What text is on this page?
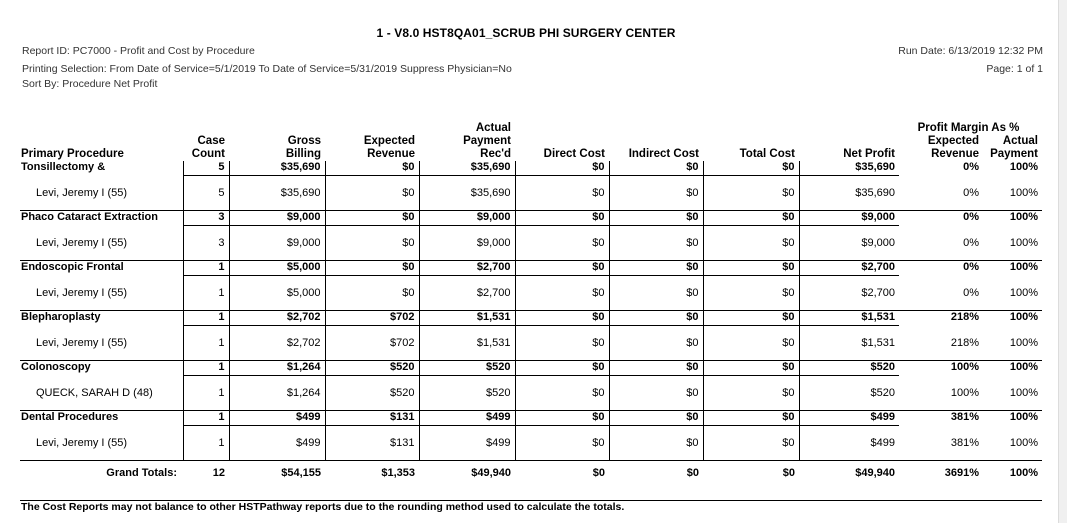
1 - V8.0 HST8QA01_SCRUB PHI SURGERY CENTER
Report ID: PC7000 - Profit and Cost by Procedure
Printing Selection: From Date of Service=5/1/2019 To Date of Service=5/31/2019 Suppress Physician=No
Sort By: Procedure Net Profit
Run Date: 6/13/2019 12:32 PM
Page: 1 of 1
				Actual					Profit Margin As %	
	Case	Gross	Expected	Payment					Expected	Actual
Primary Procedure	Count	Billing	Revenue	Rec'd	Direct Cost	Indirect Cost	Total Cost	Net Profit	Revenue	Payment
Tonsillectomy &	5	$35,690	$0	$35,690	$0	$0	$0	$35,690	0%	100%
Levi, Jeremy I (55)	5	$35,690	$0	$35,690	$0	$0	$0	$35,690	0%	100%
Phaco Cataract Extraction	3	$9,000	$0	$9,000	$0	$0	$0	$9,000	0%	100%
Levi, Jeremy I (55)	3	$9,000	$0	$9,000	$0	$0	$0	$9,000	0%	100%
Endoscopic Frontal	1	$5,000	$0	$2,700	$0	$0	$0	$2,700	0%	100%
Levi, Jeremy I (55)	1	$5,000	$0	$2,700	$0	$0	$0	$2,700	0%	100%
Blepharoplasty	1	$2,702	$702	$1,531	$0	$0	$0	$1,531	218%	100%
Levi, Jeremy I (55)	1	$2,702	$702	$1,531	$0	$0	$0	$1,531	218%	100%
Colonoscopy	1	$1,264	$520	$520	$0	$0	$0	$520	100%	100%
QUECK, SARAH D (48)	1	$1,264	$520	$520	$0	$0	$0	$520	100%	100%
Dental Procedures	1	$499	$131	$499	$0	$0	$0	$499	381%	100%
Levi, Jeremy I (55)	1	$499	$131	$499	$0	$0	$0	$499	381%	100%
Grand Totals:	12	$54,155	$1,353	$49,940	$0	$0	$0	$49,940	3691%	100%
The Cost Reports may not balance to other HSTPathway reports due to the rounding method used to calculate the totals.
